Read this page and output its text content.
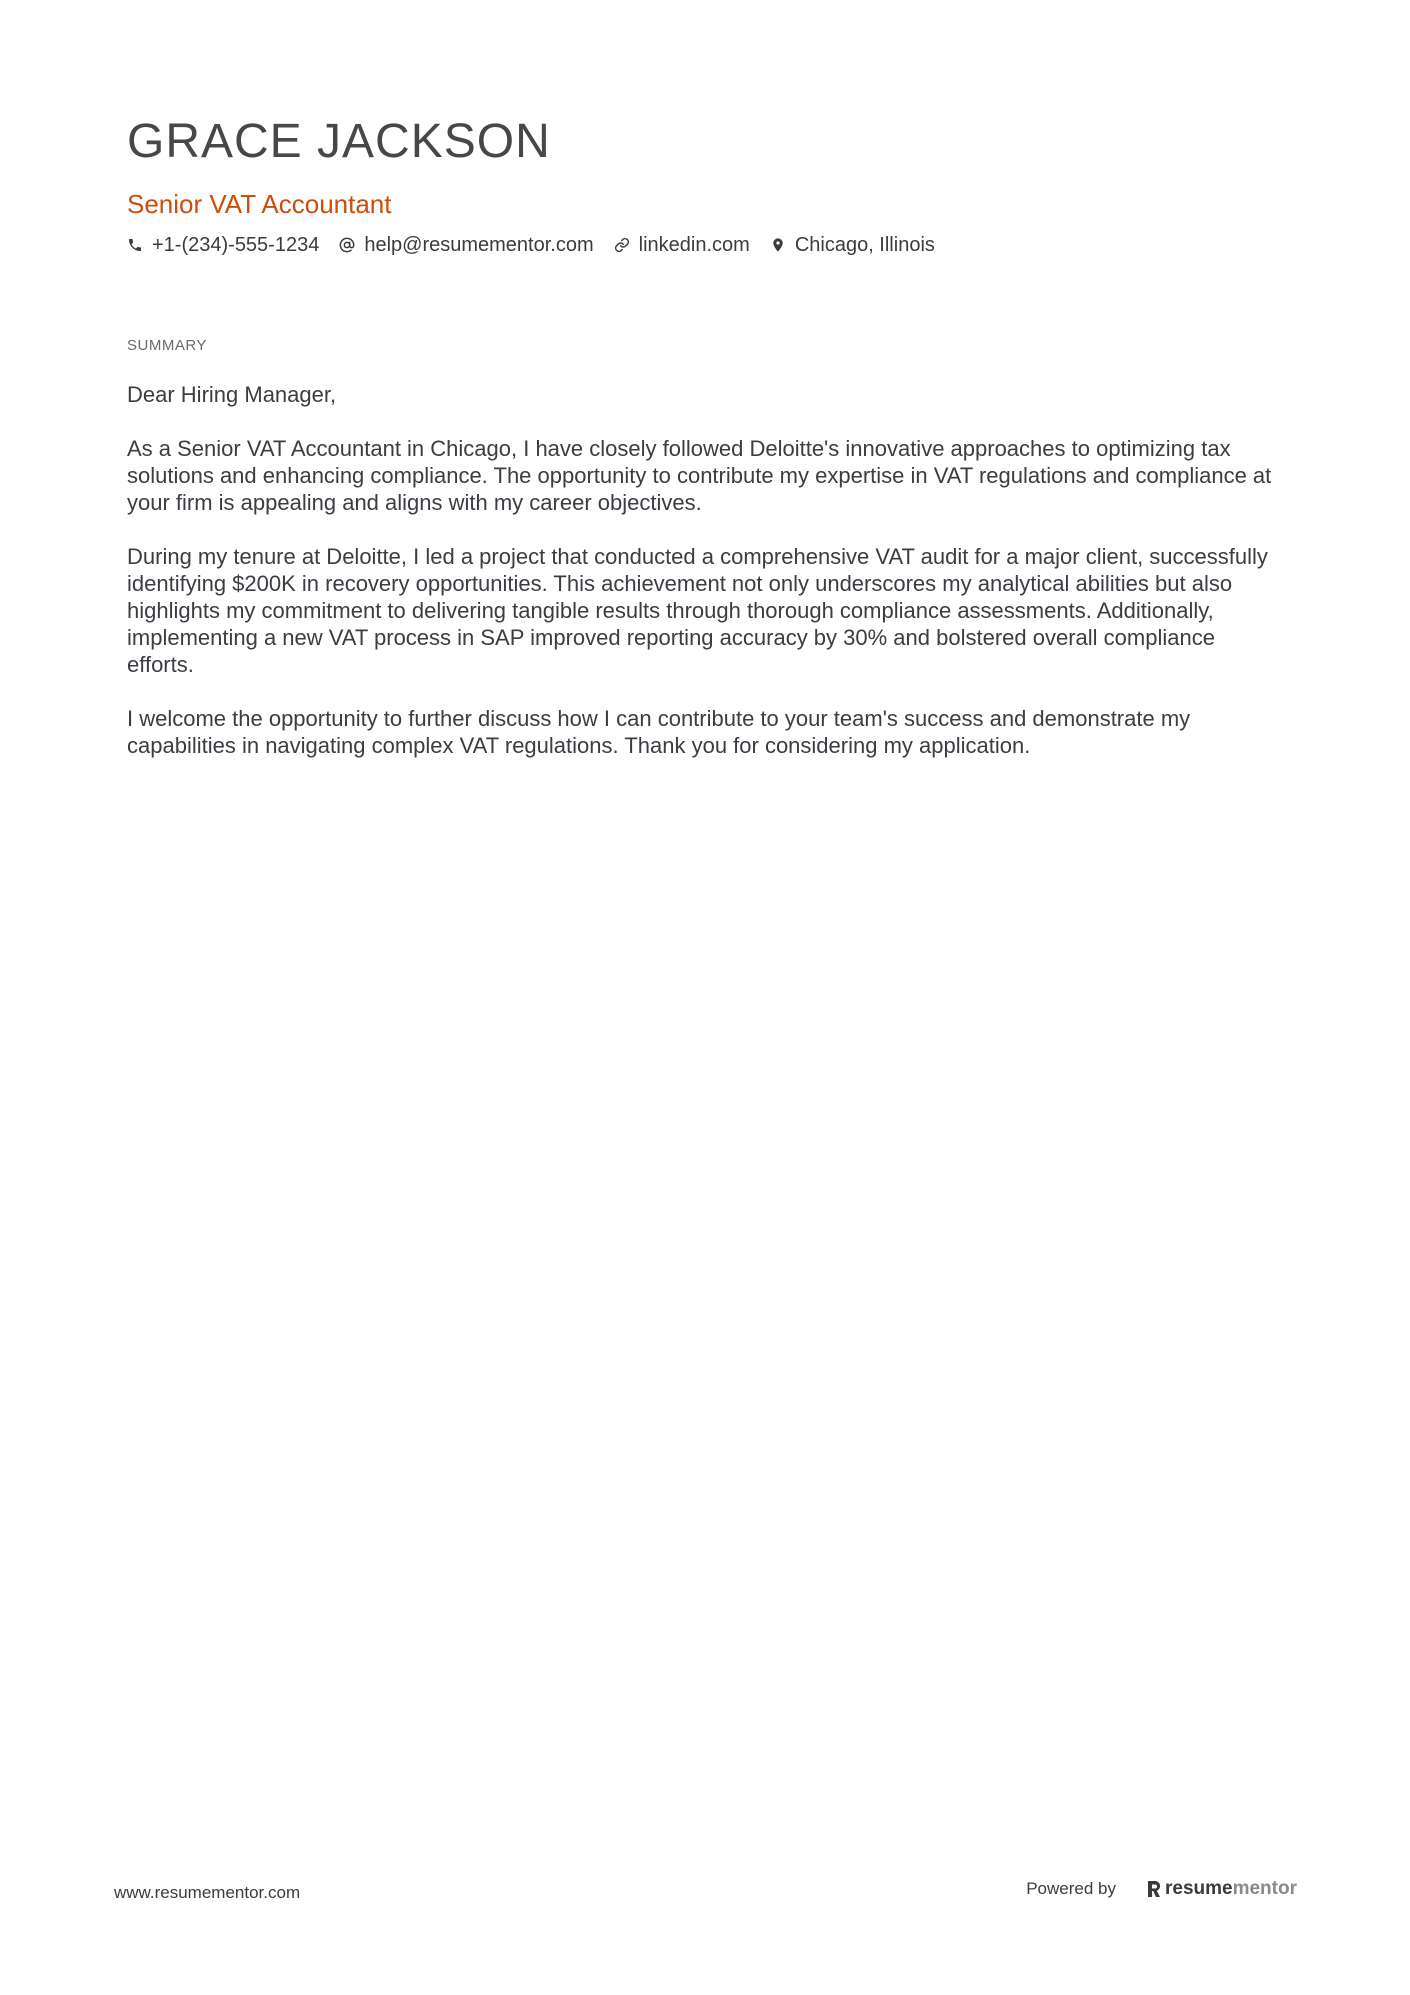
GRACE JACKSON
Senior VAT Accountant
+1-(234)-555-1234 help@resumementor.com linkedin.com Chicago, Illinois
SUMMARY

Dear Hiring Manager,

As a Senior VAT Accountant in Chicago, I have closely followed Deloitte's innovative approaches to optimizing tax solutions and enhancing compliance. The opportunity to contribute my expertise in VAT regulations and compliance at your firm is appealing and aligns with my career objectives.

During my tenure at Deloitte, I led a project that conducted a comprehensive VAT audit for a major client, successfully identifying $200K in recovery opportunities. This achievement not only underscores my analytical abilities but also highlights my commitment to delivering tangible results through thorough compliance assessments. Additionally, implementing a new VAT process in SAP improved reporting accuracy by 30% and bolstered overall compliance efforts.

I welcome the opportunity to further discuss how I can contribute to your team's success and demonstrate my capabilities in navigating complex VAT regulations. Thank you for considering my application.

www.resumementor.com	Powered by	resume mentor
